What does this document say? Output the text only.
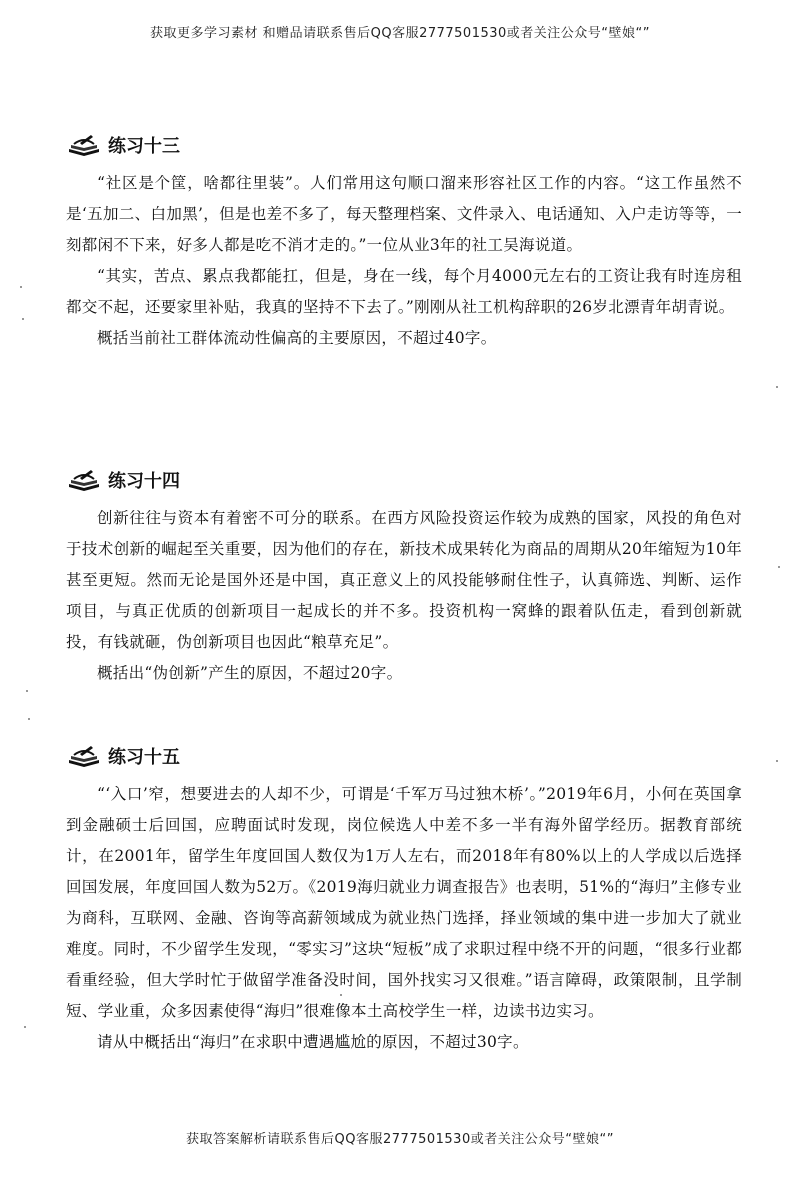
获取更多学习素材 和赠品请联系售后QQ客服2777501530或者关注公众号“壁娘“”
练习十三

“社区是个筐，啥都往里装”。人们常用这句顺口溜来形容社区工作的内容。“这工作虽然不是‘五加二、白加黑’，但是也差不多了，每天整理档案、文件录入、电话通知、入户走访等等，一刻都闲不下来，好多人都是吃不消才走的。”一位从业3年的社工吴海说道。

“其实，苦点、累点我都能扛，但是，身在一线，每个月4000元左右的工资让我有时连房租都交不起，还要家里补贴，我真的坚持不下去了。”刚刚从社工机构辞职的26岁北漂青年胡青说。

概括当前社工群体流动性偏高的主要原因，不超过40字。

练习十四

创新往往与资本有着密不可分的联系。在西方风险投资运作较为成熟的国家，风投的角色对于技术创新的崛起至关重要，因为他们的存在，新技术成果转化为商品的周期从20年缩短为10年甚至更短。然而无论是国外还是中国，真正意义上的风投能够耐住性子，认真筛选、判断、运作项目，与真正优质的创新项目一起成长的并不多。投资机构一窝蜂的跟着队伍走，看到创新就投，有钱就砸，伪创新项目也因此“粮草充足”。

概括出“伪创新”产生的原因，不超过20字。

练习十五

“‘入口’窄，想要进去的人却不少，可谓是‘千军万马过独木桥’。”2019年6月，小何在英国拿到金融硕士后回国，应聘面试时发现，岗位候选人中差不多一半有海外留学经历。据教育部统计，在2001年，留学生年度回国人数仅为1万人左右，而2018年有80%以上的人学成以后选择回国发展，年度回国人数为52万。《2019海归就业力调查报告》也表明，51%的“海归”主修专业为商科，互联网、金融、咨询等高薪领域成为就业热门选择，择业领域的集中进一步加大了就业难度。同时，不少留学生发现，“零实习”这块“短板”成了求职过程中绕不开的问题，“很多行业都看重经验，但大学时忙于做留学准备没时间，国外找实习又很难。”语言障碍，政策限制，且学制短、学业重，众多因素使得“海归”很难像本土高校学生一样，边读书边实习。

请从中概括出“海归”在求职中遭遇尴尬的原因，不超过30字。

获取答案解析请联系售后QQ客服2777501530或者关注公众号“壁娘“”
